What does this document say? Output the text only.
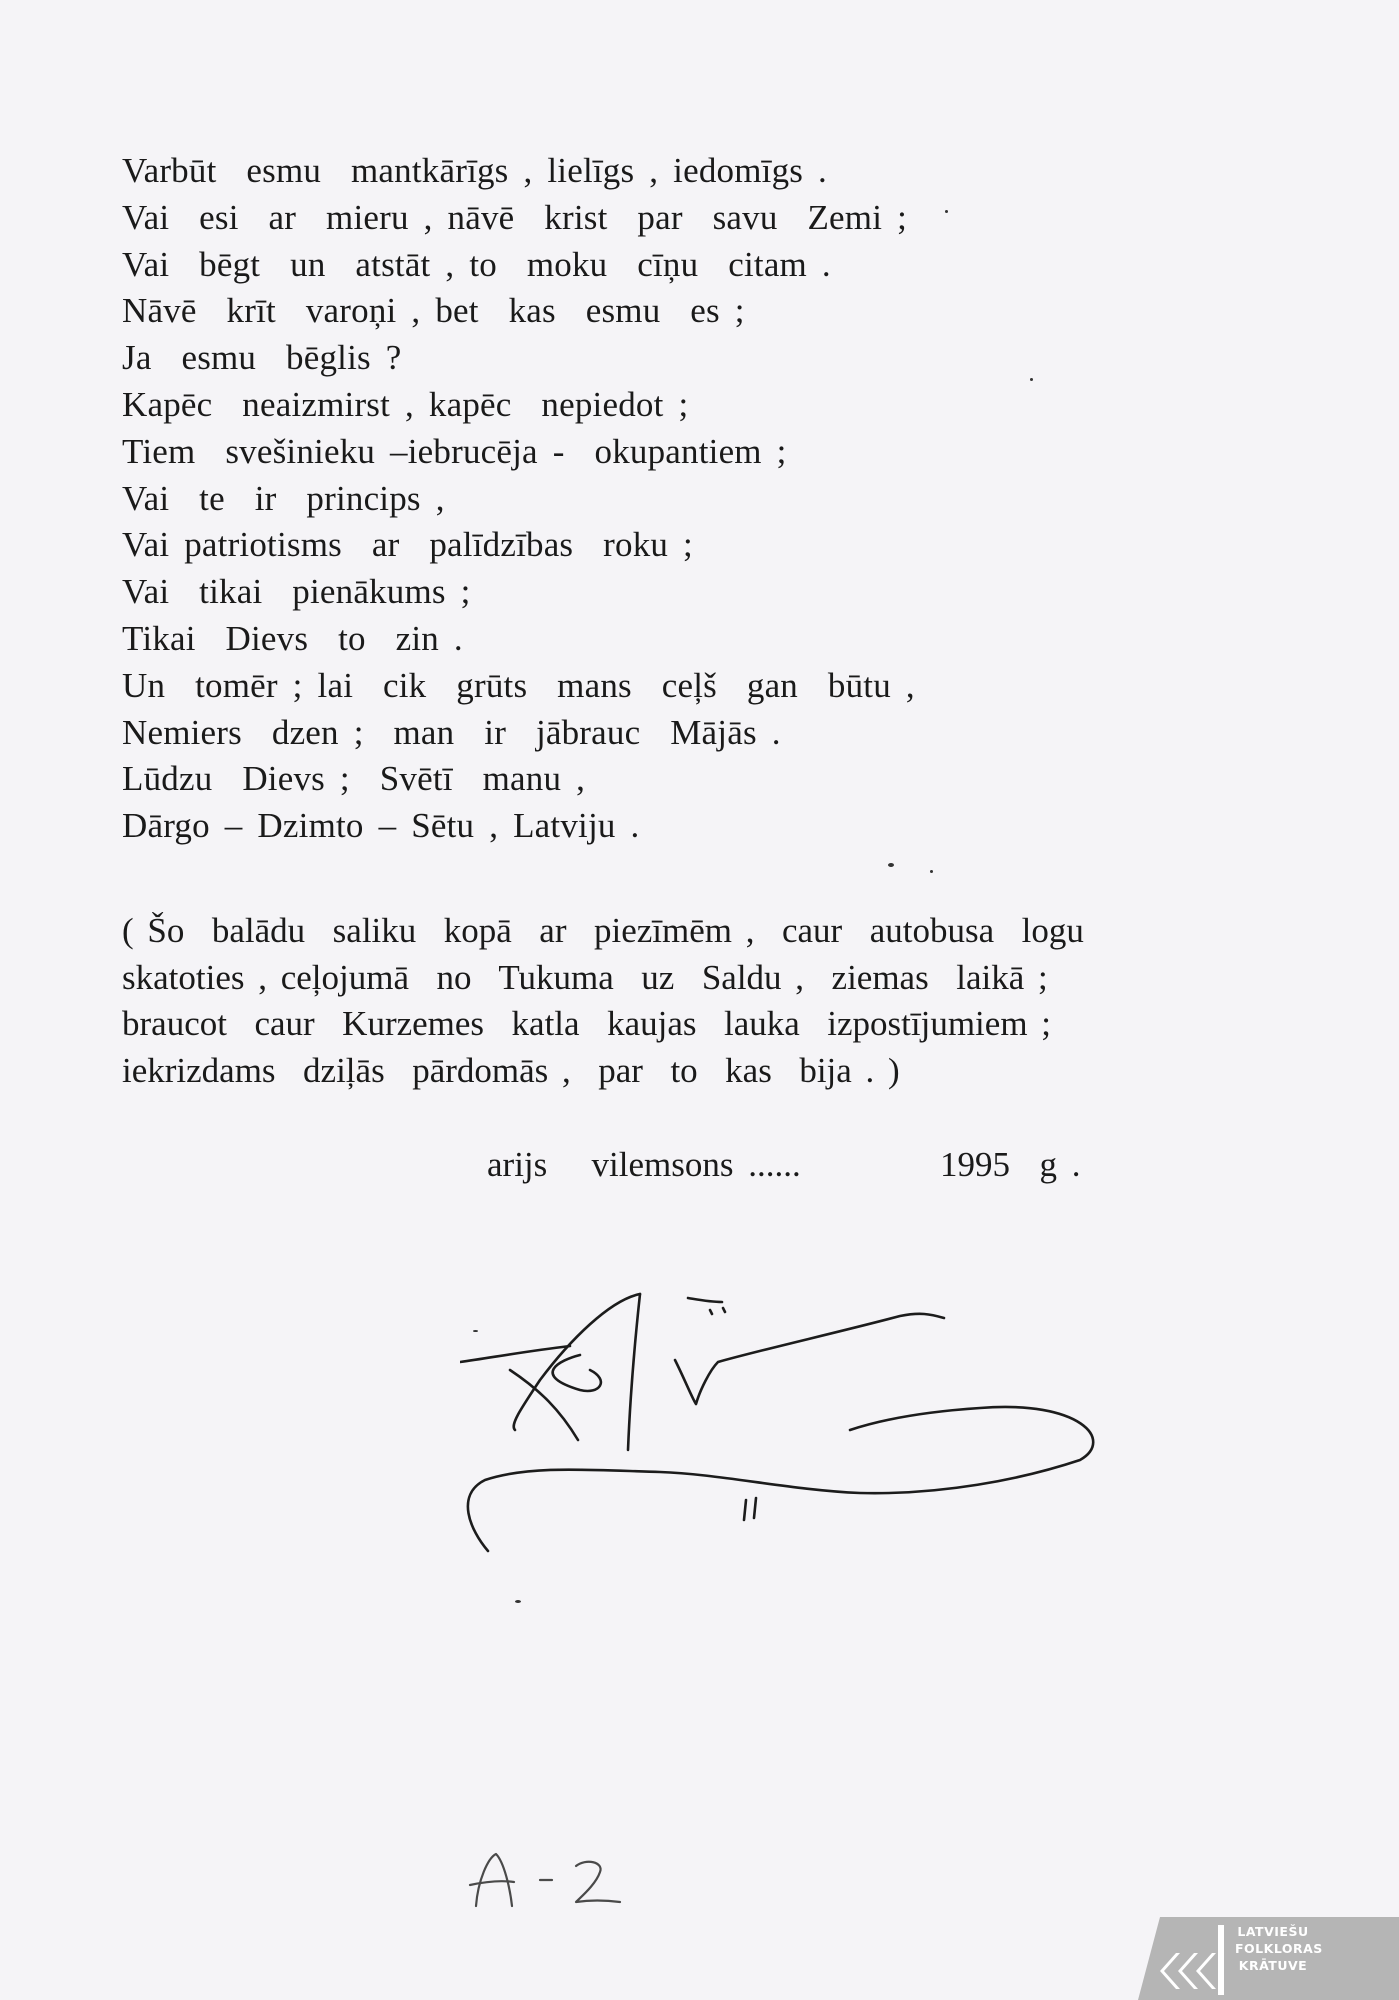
Varbūt  esmu  mantkārīgs , lielīgs , iedomīgs .
Vai  esi  ar  mieru , nāvē  krist  par  savu  Zemi ;
Vai  bēgt  un  atstāt , to  moku  cīņu  citam .
Nāvē  krīt  varoņi , bet  kas  esmu  es ;
Ja  esmu  bēglis ?
Kapēc  neaizmirst , kapēc  nepiedot ;
Tiem  svešinieku –iebrucēja -  okupantiem ;
Vai  te  ir  princips ,
Vai patriotisms  ar  palīdzības  roku ;
Vai  tikai  pienākums ;
Tikai  Dievs  to  zin .
Un  tomēr ; lai  cik  grūts  mans  ceļš  gan  būtu ,
Nemiers  dzen ;  man  ir  jābrauc  Mājās .
Lūdzu  Dievs ;  Svētī  manu ,
Dārgo – Dzimto – Sētu , Latviju .
( Šo  balādu  saliku  kopā  ar  piezīmēm ,  caur  autobusa  logu
skatoties , ceļojumā  no  Tukuma  uz  Saldu ,  ziemas  laikā ;
braucot  caur  Kurzemes  katla  kaujas  lauka  izpostījumiem ;
iekrizdams  dziļās  pārdomās ,  par  to  kas  bija . )
arijs   vilemsons ......	1995  g .
LATVIEŠU
FOLKLORAS
KRĀTUVE
